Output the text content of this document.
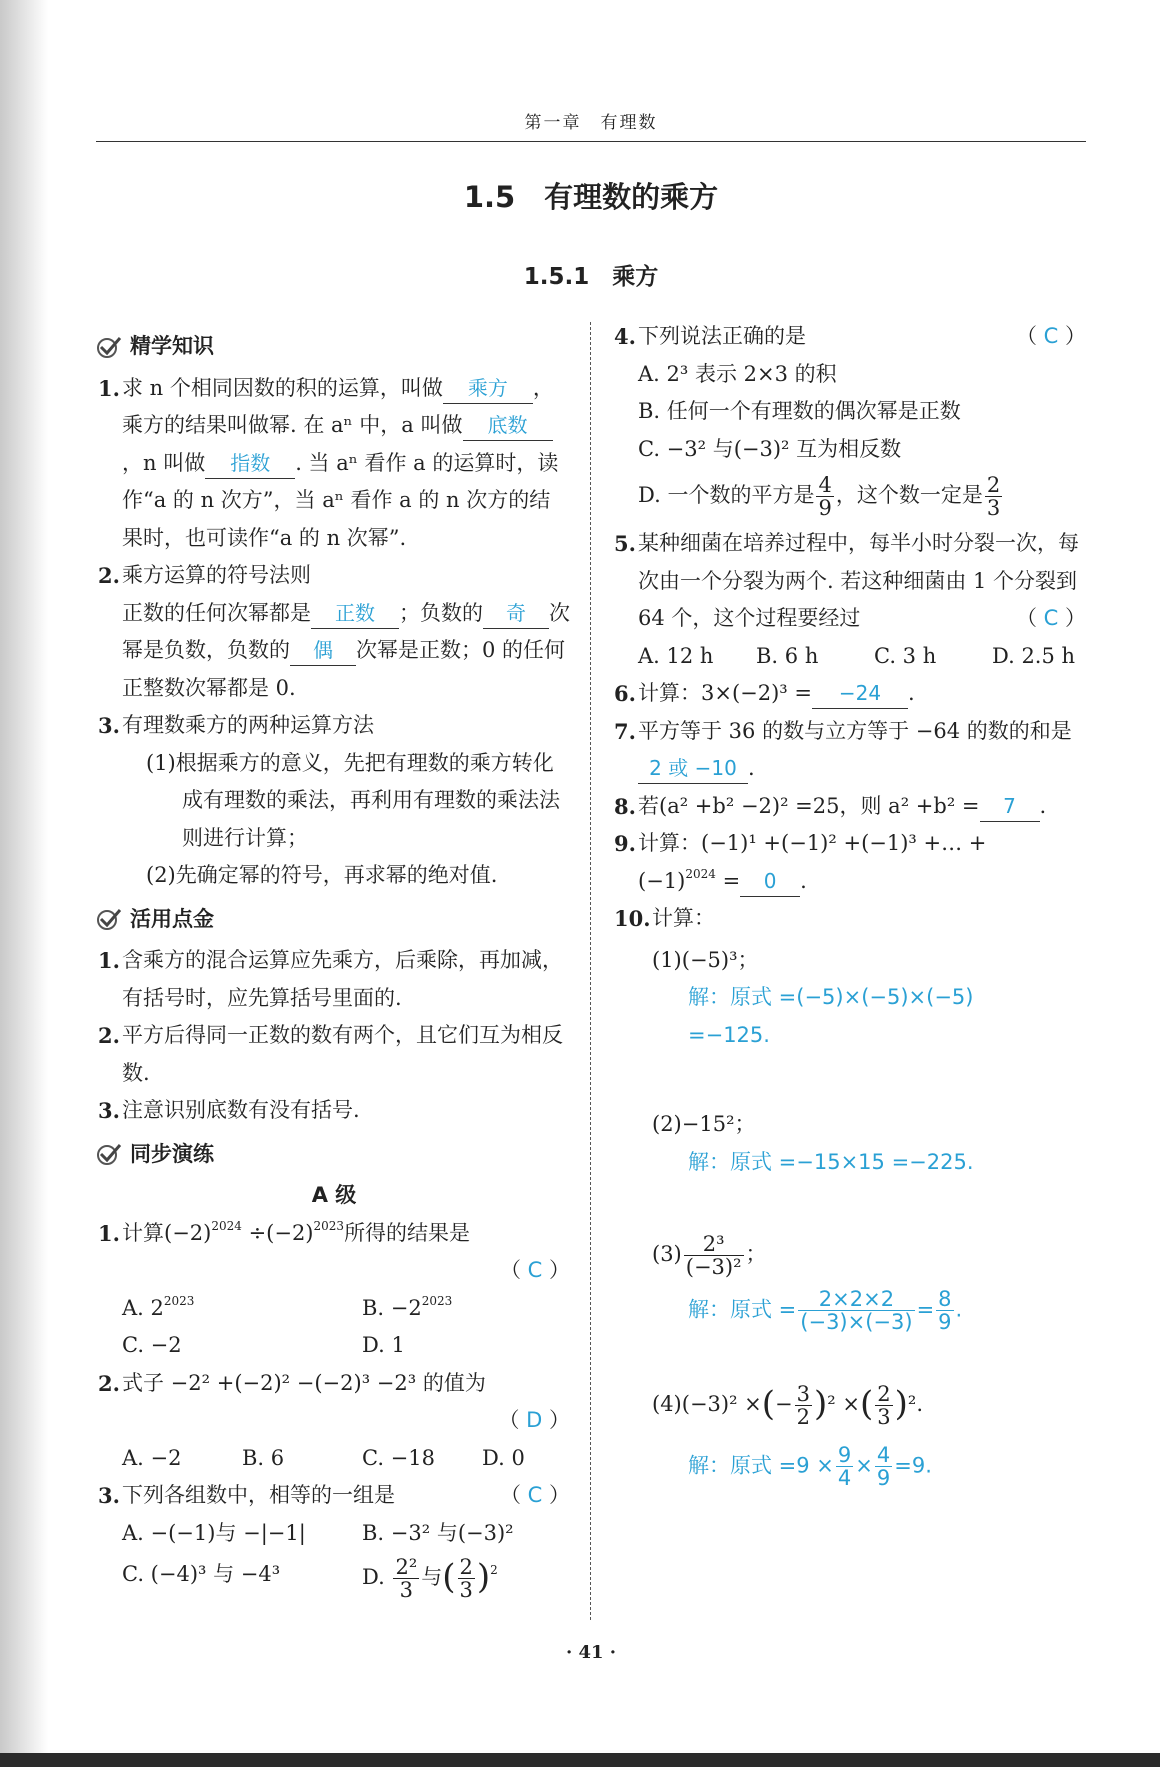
第一章　有理数
1.5　有理数的乘方
1.5.1　乘方
精学知识
1. 求 n 个相同因数的积的运算，叫做 乘方 ，乘方的结果叫做幂. 在 aⁿ 中，a 叫做 底数，n 叫做 指数 . 当 aⁿ 看作 a 的运算时，读作“a 的 n 次方”，当 aⁿ 看作 a 的 n 次方的结果时，也可读作“a 的 n 次幂”.
2. 乘方运算的符号法则
正数的任何次幂都是 正数 ；负数的 奇 次幂是负数，负数的 偶 次幂是正数；0 的任何正整数次幂都是 0.
3. 有理数乘方的两种运算方法
(1)根据乘方的意义，先把有理数的乘方转化成有理数的乘法，再利用有理数的乘法法则进行计算；
(2)先确定幂的符号，再求幂的绝对值.
活用点金
1. 含乘方的混合运算应先乘方，后乘除，再加减，有括号时，应先算括号里面的.
2. 平方后得同一正数的数有两个，且它们互为相反数.
3. 注意识别底数有没有括号.
同步演练
A 级
1. 计算$(-2)^{2024} \div(-2)^{2023}$所得的结果是
（ C ）
A. $2^{2023}$	B. $-2^{2023}$
C. −2	D. 1
2. 式子 −2² +(−2)² −(−2)³ −2³ 的值为
（ D ）
A. −2	B. 6	C. −18	D. 0
3. 下列各组数中，相等的一组是	（ C ）
A. −(−1)与 −|−1|	B. −3² 与(−3)²
C. (−4)³ 与 −4³	D. $\frac{\text{2²}}{3}$ 与( $\frac{2}{3} )^2$
4. 下列说法正确的是	（ C ）
A. 2³ 表示 2×3 的积
B. 任何一个有理数的偶次幂是正数
C. −3² 与(−3)² 互为相反数
D. 一个数的平方是 $\frac{4}{9}$ ，这个数一定是 $\frac{2}{3}$
5. 某种细菌在培养过程中，每半小时分裂一次，每次由一个分裂为两个. 若这种细菌由 1 个分裂到 64 个，这个过程要经过	（ C ）
A. 12 h	B. 6 h	C. 3 h	D. 2.5 h
6. 计算：3×(−2)³ = −24 .
7. 平方等于 36 的数与立方等于 −64 的数的和是2 或 −10 .
8. 若(a² +b² −2)² =25，则 a² +b² = 7 .
9. 计算：(−1)¹ +(−1)² +(−1)³ +… +
$(-1)^{2024} = 0$ .
10. 计算：
(1)(−5)³；
解：原式 =(−5)×(−5)×(−5)
=−125.
(2)−15²；
解：原式 =−15×15 =−225.
$(3) \frac{\text{2³}}{\text{(−3)²}}$ ；
解：原式 = $\frac{2\times 2\times 2}{(-3)\times(-3)} = \frac{8}{9}$ .
(4)(−3)² ×(− $\frac{3}{2} )^2$ ×( $\frac{2}{3} )^2$.
解：原式 $=9 \times \frac{9}{4} \times \frac{4}{9} =9$.
· 41 ·
